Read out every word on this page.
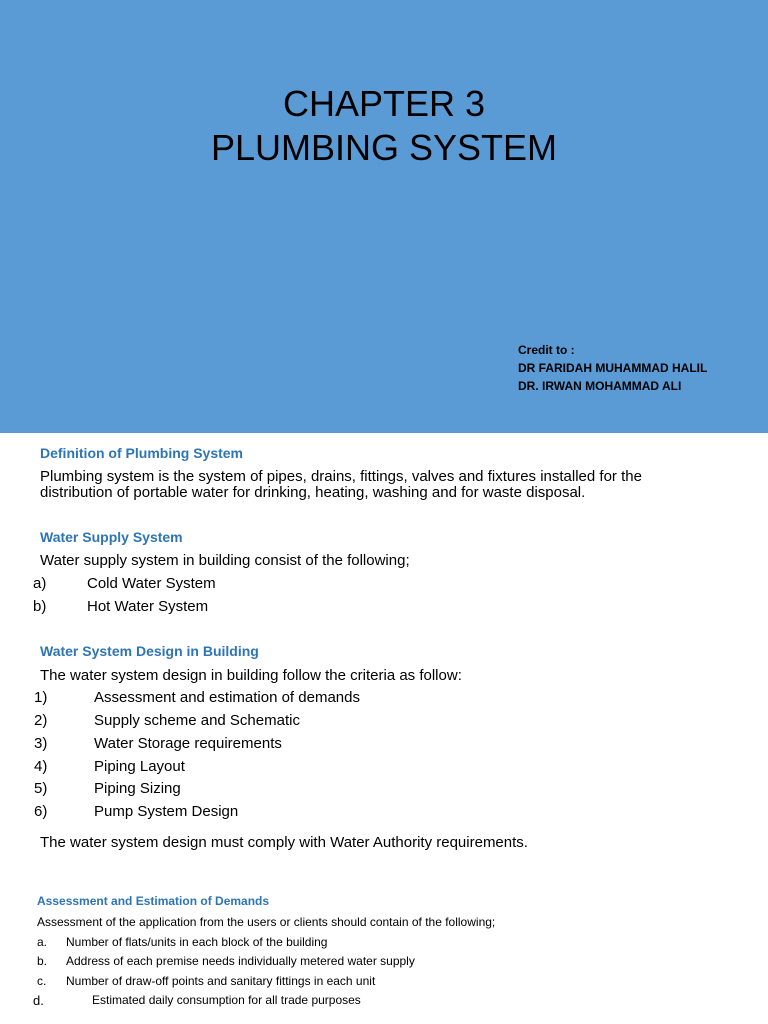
CHAPTER 3
PLUMBING SYSTEM
Credit to :
DR FARIDAH MUHAMMAD HALIL
DR. IRWAN MOHAMMAD ALI
Definition of Plumbing System
Plumbing system is the system of pipes, drains, fittings, valves and fixtures installed for the
distribution of portable water for drinking, heating, washing and for waste disposal.
Water Supply System
Water supply system in building consist of the following;
a)	Cold Water System
b)	Hot Water System
Water System Design in Building
The water system design in building follow the criteria as follow:
1)	Assessment and estimation of demands
2)	Supply scheme and Schematic
3)	Water Storage requirements
4)	Piping Layout
5)	Piping Sizing
6)	Pump System Design
The water system design must comply with Water Authority requirements.
Assessment and Estimation of Demands
Assessment of the application from the users or clients should contain of the following;
a. Number of flats/units in each block of the building
b. Address of each premise needs individually metered water supply
c. Number of draw-off points and sanitary fittings in each unit
d.	Estimated daily consumption for all trade purposes
